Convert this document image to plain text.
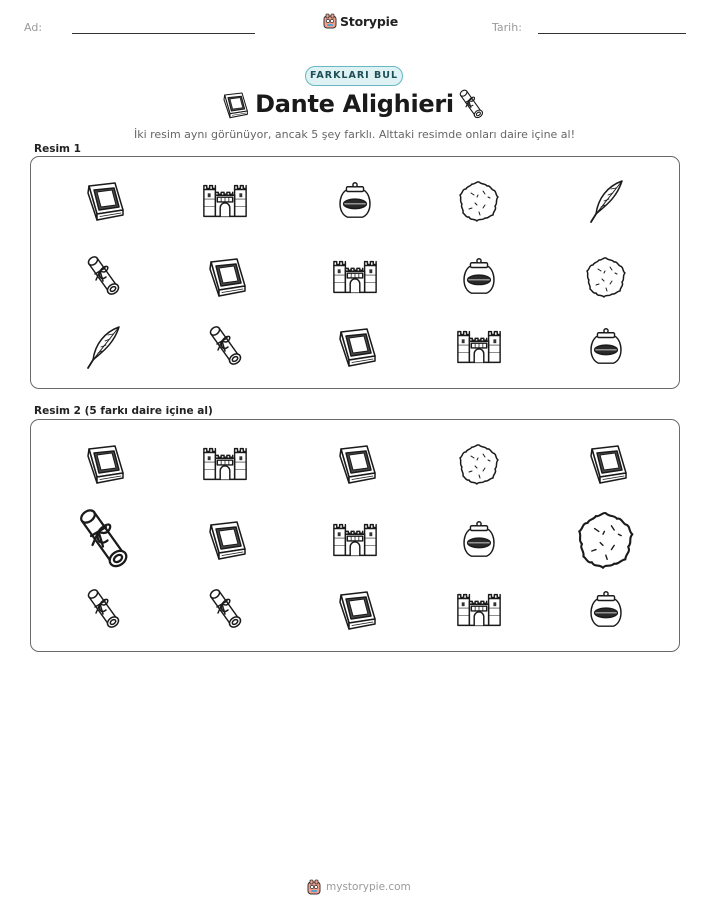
Ad:	Storypie	Tarih:
FARKLARI BUL
Dante Alighieri
İki resim aynı görünüyor, ancak 5 şey farklı. Alttaki resimde onları daire içine al!
Resim 1
Resim 2 (5 farkı daire içine al)
mystorypie.com
